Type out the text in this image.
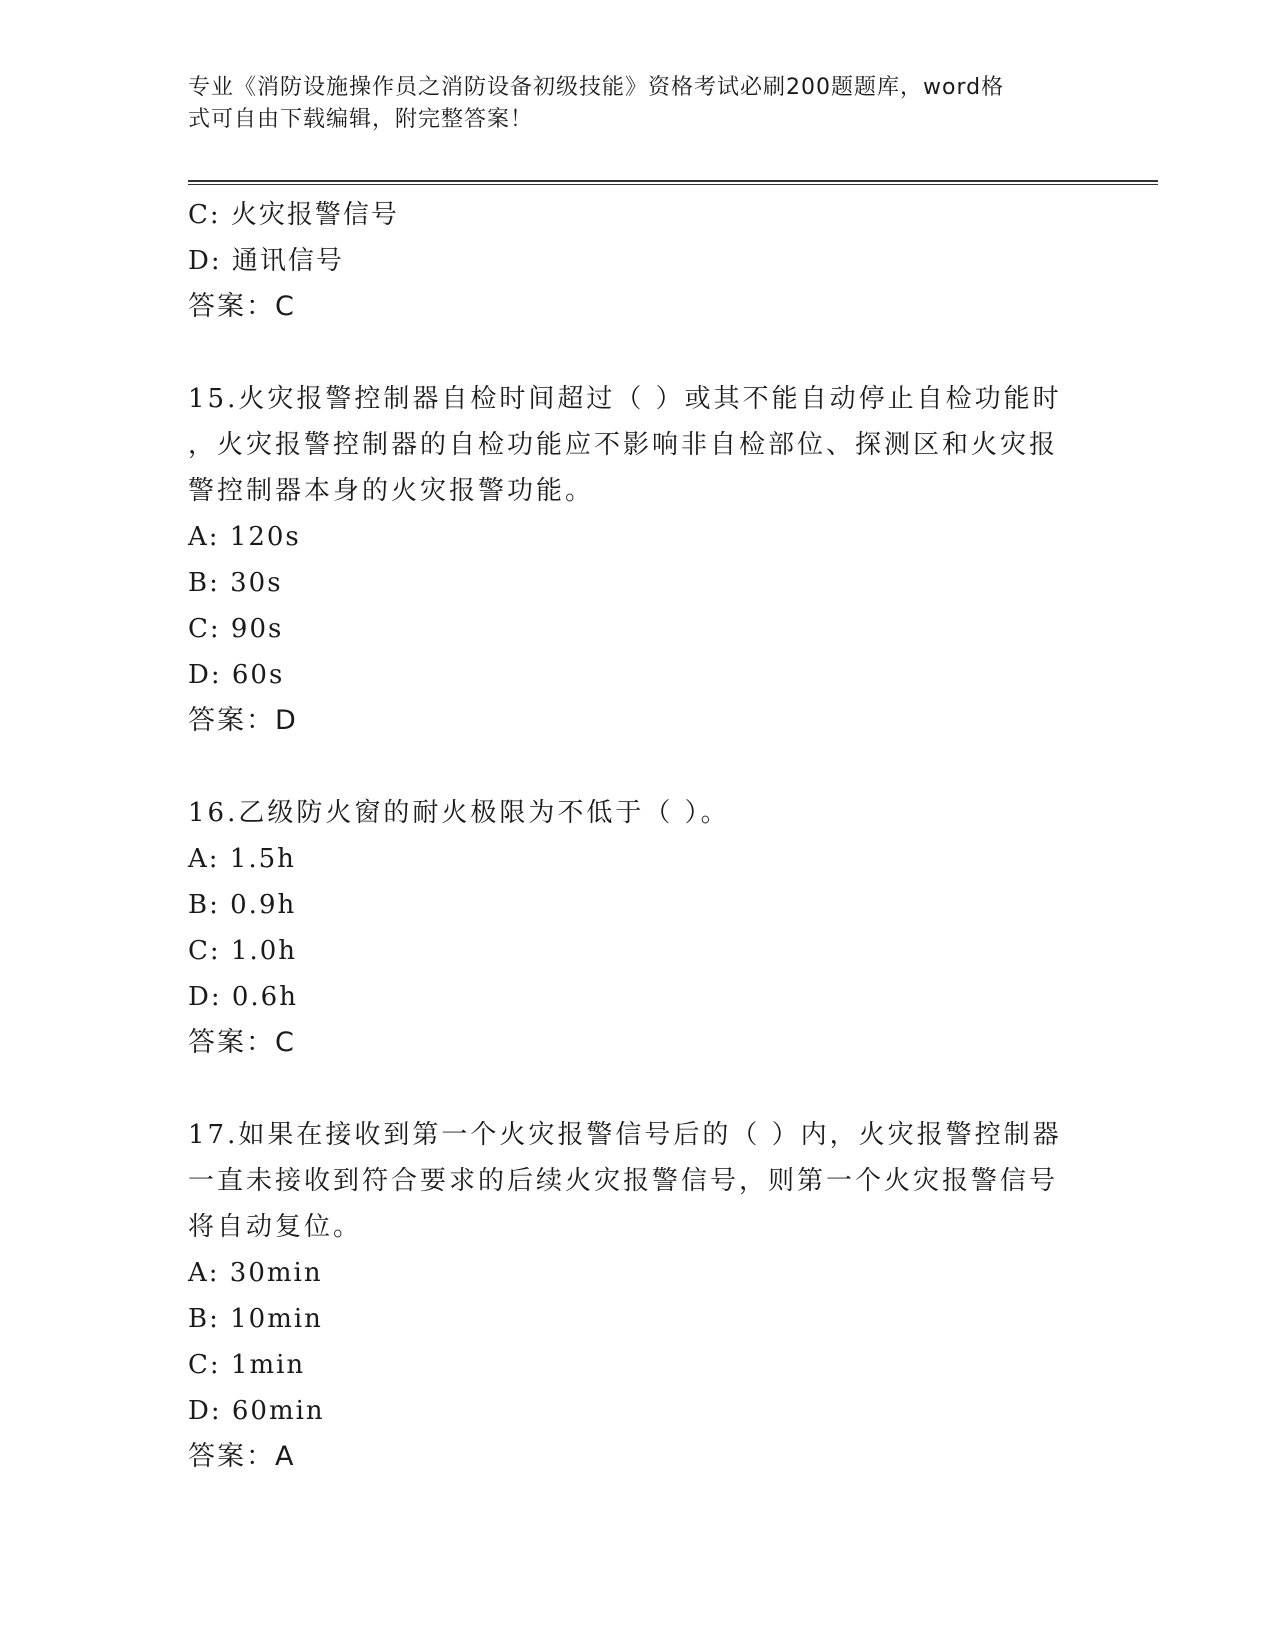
专业《消防设施操作员之消防设备初级技能》资格考试必刷200题题库，word格
式可自由下载编辑，附完整答案！
C: 火灾报警信号
D: 通讯信号
答案：C
15.火灾报警控制器自检时间超过（ ）或其不能自动停止自检功能时
，火灾报警控制器的自检功能应不影响非自检部位、探测区和火灾报
警控制器本身的火灾报警功能。
A: 120s
B: 30s
C: 90s
D: 60s
答案：D
16.乙级防火窗的耐火极限为不低于（ ）。
A: 1.5h
B: 0.9h
C: 1.0h
D: 0.6h
答案：C
17.如果在接收到第一个火灾报警信号后的（ ）内，火灾报警控制器
一直未接收到符合要求的后续火灾报警信号，则第一个火灾报警信号
将自动复位。
A: 30min
B: 10min
C: 1min
D: 60min
答案：A
